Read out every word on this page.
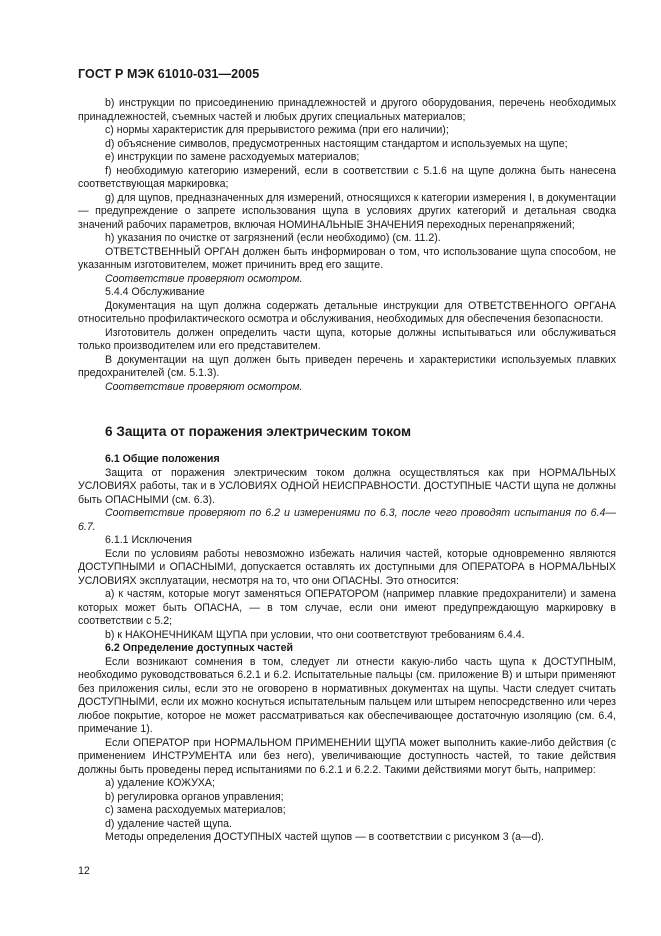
ГОСТ Р МЭК 61010-031—2005

b) инструкции по присоединению принадлежностей и другого оборудования, перечень необходимых принадлежностей, съемных частей и любых других специальных материалов;

c) нормы характеристик для прерывистого режима (при его наличии);

d) объяснение символов, предусмотренных настоящим стандартом и используемых на щупе;

e) инструкции по замене расходуемых материалов;

f) необходимую категорию измерений, если в соответствии с 5.1.6 на щупе должна быть нанесена соответствующая маркировка;

g) для щупов, предназначенных для измерений, относящихся к категории измерения I, в документации — предупреждение о запрете использования щупа в условиях других категорий и детальная сводка значений рабочих параметров, включая НОМИНАЛЬНЫЕ ЗНАЧЕНИЯ переходных перенапряжений;

h) указания по очистке от загрязнений (если необходимо) (см. 11.2).

ОТВЕТСТВЕННЫЙ ОРГАН должен быть информирован о том, что использование щупа способом, не указанным изготовителем, может причинить вред его защите.

Соответствие проверяют осмотром.

5.4.4 Обслуживание

Документация на щуп должна содержать детальные инструкции для ОТВЕТСТВЕННОГО ОРГАНА относительно профилактического осмотра и обслуживания, необходимых для обеспечения безопасности.

Изготовитель должен определить части щупа, которые должны испытываться или обслуживаться только производителем или его представителем.

В документации на щуп должен быть приведен перечень и характеристики используемых плавких предохранителей (см. 5.1.3).

Соответствие проверяют осмотром.

6 Защита от поражения электрическим током

6.1 Общие положения

Защита от поражения электрическим током должна осуществляться как при НОРМАЛЬНЫХ УСЛОВИЯХ работы, так и в УСЛОВИЯХ ОДНОЙ НЕИСПРАВНОСТИ. ДОСТУПНЫЕ ЧАСТИ щупа не должны быть ОПАСНЫМИ (см. 6.3).

Соответствие проверяют по 6.2 и измерениями по 6.3, после чего проводят испытания по 6.4—6.7.

6.1.1 Исключения

Если по условиям работы невозможно избежать наличия частей, которые одновременно являются ДОСТУПНЫМИ и ОПАСНЫМИ, допускается оставлять их доступными для ОПЕРАТОРА в НОРМАЛЬНЫХ УСЛОВИЯХ эксплуатации, несмотря на то, что они ОПАСНЫ. Это относится:

a) к частям, которые могут заменяться ОПЕРАТОРОМ (например плавкие предохранители) и замена которых может быть ОПАСНА, — в том случае, если они имеют предупреждающую маркировку в соответствии с 5.2;

b) к НАКОНЕЧНИКАМ ЩУПА при условии, что они соответствуют требованиям 6.4.4.

6.2 Определение доступных частей

Если возникают сомнения в том, следует ли отнести какую-либо часть щупа к ДОСТУПНЫМ, необходимо руководствоваться 6.2.1 и 6.2. Испытательные пальцы (см. приложение В) и штыри применяют без приложения силы, если это не оговорено в нормативных документах на щупы. Части следует считать ДОСТУПНЫМИ, если их можно коснуться испытательным пальцем или штырем непосредственно или через любое покрытие, которое не может рассматриваться как обеспечивающее достаточную изоляцию (см. 6.4, примечание 1).

Если ОПЕРАТОР при НОРМАЛЬНОМ ПРИМЕНЕНИИ ЩУПА может выполнить какие-либо действия (с применением ИНСТРУМЕНТА или без него), увеличивающие доступность частей, то такие действия должны быть проведены перед испытаниями по 6.2.1 и 6.2.2. Такими действиями могут быть, например:

a) удаление КОЖУХА;

b) регулировка органов управления;

c) замена расходуемых материалов;

d) удаление частей щупа.

Методы определения ДОСТУПНЫХ частей щупов — в соответствии с рисунком 3 (а—d).

12
